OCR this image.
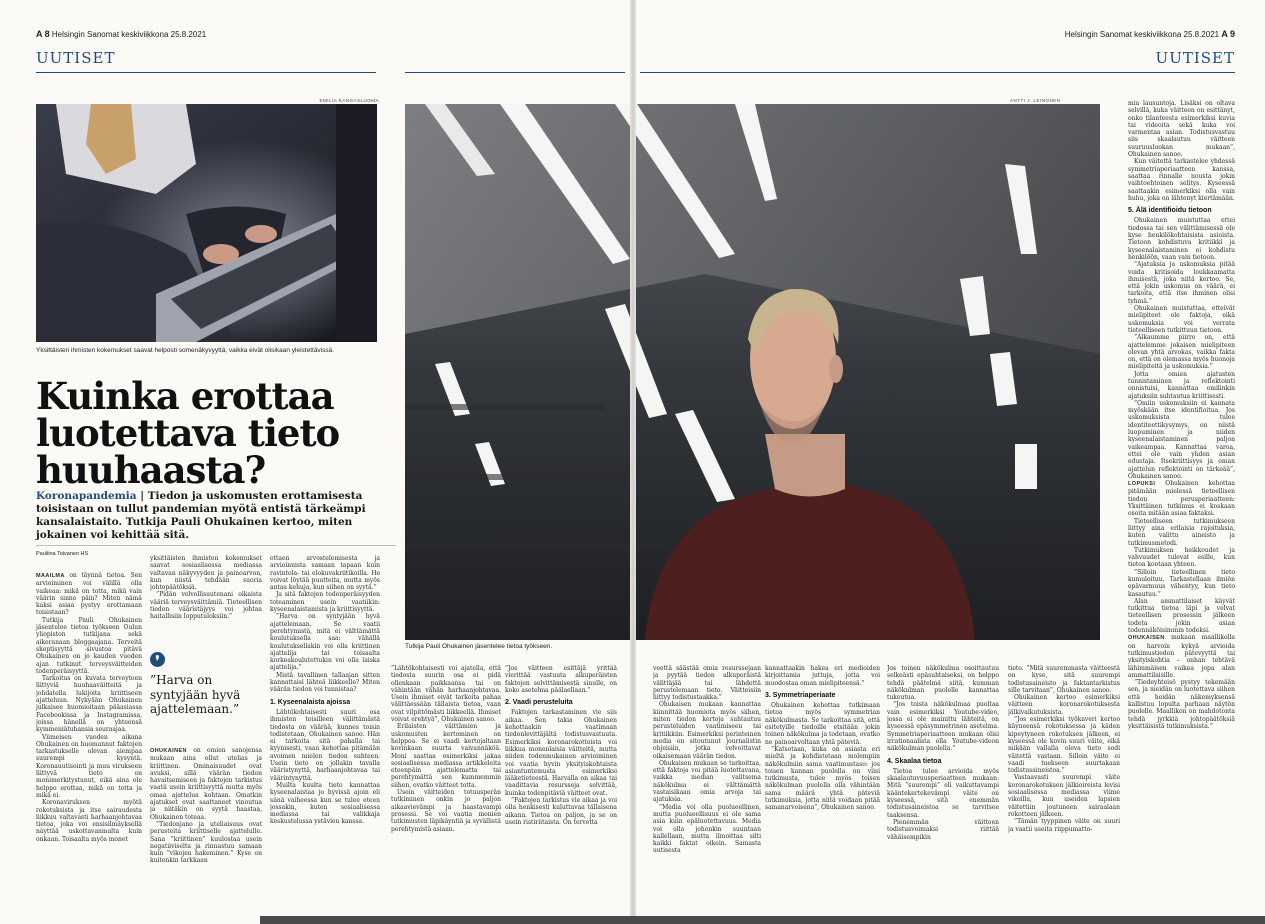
A 8 Helsingin Sanomat keskiviikkona 25.8.2021	Helsingin Sanomat keskiviikkona 25.8.2021 A 9
UUTISET	UUTISET
EMILIA KANGASLUOMA
Yksittäisten ihmisten kokemukset saavat helposti somenäkyvyyttä, vaikka eivät olisikaan yleistettävissä.
Kuinka erottaa luotettava tieto huuhaasta?

Koronapandemia | Tiedon ja uskomusten erottamisesta toisistaan on tullut pandemian myötä entistä tärkeämpi kansalaistaito. Tutkija Pauli Ohukainen kertoo, miten jokainen voi kehittää sitä.

Pauliina Toivanen HS
❜
”Harva on syntyjään hyvä ajattelemaan.”
ANTTI J. LEINONEN
Tutkija Pauli Ohukainen jäsentelee tietoa työkseen.

MAAILMA on täynnä tietoa. Sen arvioiminen voi välillä olla vaikeaa: mikä on totta, mikä vain väärin sinne päin? Miten nämä kaksi asiaa pystyy erottamaan toisistaan?

Tutkija Pauli Ohukainen jäsentelee tietoa työkseen Oulun yliopiston tutkijana sekä aikeranaan bloggaajana. Terveitä skeptisyyttä -sivustoa pitävä Ohukainen on jo kauden vuoden ajan tutkinut terveysväitteiden todenperäisyyttä.

Tarkoitus on kuvata terveyteen liittyviä huuhaaväitteitä ja johdatella lukijoita kriittiseen ajatteluun. Nykyään Ohukainen julkaisee huomioitaan pääasiassa Facebookissa ja Instagramissa, joissa hänellä on yhteensä kymmeniätuhansia seuraajaa.

Viimeisen vuoden aikana Ohukainen on huomannut faktojen tarkastukselle olevan aiempaa suurempi kysyntä. Koronauutisointi ja muu virukseen liittyvä tieto on monimerkitystunut, eikä aina ole helppo erottaa, mikä on totta ja mikä ei.

Koronaviruksen myötä rokotuksista ja itse sairaudesta liikkuu valtavasti harhaanjohtavaa tietoa, joka voi ensisilmäyksellä näyttää uskottavanmalta kuin onkaan. Toisaalta myös monet

yksittäisten ihmisten kokemukset saavat sosiaalisessa mediassa valtavan näkyvyyden ja painoarvon, kun niistä tehdään suoria johtopäätöksiä.

”Pidän velvollisuutenani oikaista vääriä terveysväittämiä. Tieteellisen tiedon vääristäjyys voi johtaa haitallisiin lopputuloksiin.”

OHUKAINEN on omien sanojensa mukaan aina ollut utelias ja kriittinen. Ominaisuudet ovat avuksi, sillä väärän tiedon havaitsemiseen ja faktojen tarkistus vaatii usein kriittisyyttä mutta myös omaa ajattelua kohtaan. Omatkin ajatukset ovat saattaneet vinoutua ja niitäkin on syytä haastaa, Ohukainen toteaa.

”Tiedonjano ja uteliaisuus ovat perusteita kriittiselle ajattelulle. Sana ”kriittinen” kuulostaa usein negatiiviselta ja rinnastuu samaan kuin ”vikojen hakeminen.” Kyse on kuitenkin tarkkaan

ottaen arvostelemisesta ja arvioinnista samaan tapaan kuin ravintola- tai elokuvakriitikoilla. He voivat löytää puutteita, mutta myös antaa kehuja, kun siihen on syytä.”

Ja sitä faktojen todenperäisyyden toteaminen usein vaatiikin: kyseenalaistamista ja kriittisyyttä.

”Harva on syntyjään hyvä ajattelemaan. Se vaatii perehtymistä, mitä ei välttämättä koulutuksella saa: vähällä koulutuksellakin voi olla kriittinen ajattelija tai toisaalta korkeakoulutettukin voi olla laiska ajattelija.”

Mistä tavallinen tallaajan sitten kannattaisi lähteä liikkeelle? Miten väärän tiedon voi tunnistaa?

1. Kyseenalaista ajoissa

Lähtökohtaisesti suuri osa ihmisten toisilleen välittämästä tiedosta on väärää, kunnes toisin todistetaan, Ohukainen sanoo. Hän ei tarkoita sitä pahalla tai kyynisesti, vaan kehottaa pitämään avoimen mielen tiedon suhteen. Usein tieto on jollakin tavalla vääristynyttä, harhaanjohtavaa tai väärintynyttä.

Muilta kuulta tieto kannattaa kyseenalaistaa jo hyvissä ajoin eli siinä vaiheessa kun se tulee eteen jossakin, kuten sosiaalisessa mediassa tai valikkaja keskustelussa ystävien kanssa.

”Lähtökohtaisesti voi ajatella, että tiedosta suurin osa ei pidä ollenkaan paikkaansa tai on vähintään vähän harhaanjohtavaa. Usein ihmiset eivät tarkoita pahaa välittäessään tällaista tietoa, vaan ovat vilpittömästi liikkeellä. Ihmiset voivat erehtyä”, Ohukainen sanoo.

Erilaisten väittämien ja uskomusten kertominen on helppoa. Se ei vaadi kertojaltaan kovinkaan suurta vaivannäköä. Moni saattaa esimerkiksi jakaa sosiaalisessa mediassa artikkeleita eteenpäin ajattelematta tai perehtymättä sen kummemmin siihen, ovatko väitteet totta.

Usein väitteiden totuusperän tutkiminen onkin jo paljon aikaavievämpi ja haastavampi prosessi. Se voi vaatia monien tutkimusten läpikäyntiä ja syvällistä perehtymistä asiaan.

”Jos väitteen esittäjä yrittää vierittää vastuuta alkuperäisten faktojen selvittämisestä sinulle, on koko asetelma päälaellaan.”

2. Vaadi perusteluita

Faktojen tarkastaminen vie siis aikaa. Sen takia Ohukainen kehottaakin vaatimaan tiedonlevittäjältä todistusvastuuta. Esimerkiksi koronarokotteista voi liikkua monenlaisia väitteitä, mutta niiden todenmukainen arvioiminen voi vaatia hyvin yksityiskohtaista asiantuntemusta esimerkiksi lääketieteestä. Harvalla on aikaa tai vaadittavia resursseja selvittää, kuinka todenpitäviä väitteet ovat.

”Faktojen tarkistus vie aikaa ja voi olla henkisesti kuluttavaa tällaisena aikana. Tietoa on paljon, ja se on usein ristiriitaista. On tervetta

veettä säästää omia resurssejaan ja pyytää tiedon alkuperäistä välittäjää tai lähdettä perustelemaan tieto. Väitteisiin liittyy todistustaakka.”

Ohukaisen mukaan kannattaa kiinnittää huomiota myös siihen, miten tiedon kertoja suhtautuu perusteluiden vaatimiseen tai kritiikkiin. Esimerkiksi perinteinen media on sitoutunut journalistin ohjeisiin, jotka velvoittavat oikaisemaan väärän tiedon.

Ohukaisen mukaan se tarkoittaa, että faktoja voi pitää luotettavana, vaikka median valitsema näkökulma ei välttämättä vastaisikaan omia arvoja tai ajatuksia.

”Media voi olla puolueellinen, mutta puolueellisuus ei ole sama asia kuin epäluotettavuus. Media voi olla johonkin suuntaan kallellaan, mutta ilmoittaa silti kaikki faktat oikein. Samasta uutisesta

kannattaakin hakea eri medioiden kirjoittamia juttuja, jotta voi muodostaa oman mielipiteensä.”

3. Symmetriaperiaate

Ohukainen kehottaa tutkimaan tietoa myös symmetrian näkökulmasta. Se tarkoittaa sitä, että esitetyille tiedoille etsitään jokin toinen näkökulma ja todetaan, ovatko ne painoarvoltaan yhtä päteviä.

”Katsotaan, kuka on asiasta eri mieltä ja kohdistetaan molempiin näkökulmiin sama vaatimustaso: jos toisen kannan puolella on viisi tutkimusta, tulee myös toisen näkökulman puolella olla vähintään sama määrä yhtä päteviä tutkimuksia, jotta niitä voidaan pitää samanarvoisena”, Ohukainen sanoo.

Jos toinen näkökulma osoittautuu selkeästi epäsuhtaiseksi, on helppo tehdä päätelmä siitä, kumman näkökulman puolelle kannattaa tukeutua.

”Jos toista näkökulmaa puoltaa vain esimerkiksi Youtube-video, jossa ei ole mainittu lähteitä, on kyseessä epäsymmetrinen asetelma. Symmetriaperiaatteen mukaan olisi irrationaalista olla Youtube-videon näkökulman puolella.”

4. Skaalaa tietoa

Tietoa tulee arvioida myös skaalautuvuusperiaatteen mukaan: Mitä ”suurempi” eli vaikuttavampi kääntekertekevämpi väite on kyseessä, sitä enemmän todistusaineistoa se tarvitsee taaksensa.

Pienemmän väitteen todistusvoimaksi riittää vähäisempikin

tieto. ”Mitä suuremmasta väitteestä on kyse, sitä suurempi todistusaineisto ja faktantarkistus sille tarvitaan”, Ohukainen sanoo.

Ohukainen kertoo esimerkiksi väitteen koronarokotuksesta jälkivaikutuksista.

”Jos esimerkiksi työkaveri kertoo käyneensä rokotuksessa ja käden kipeytyneen rokotuksen jälkeen, ei kyseessä ole kovin suuri väite, eikä mikään vallalla oleva tieto sodi väitettä vastaan. Silloin väite ei vaadi tuekseen suurtakaan todistusaineistoa.”

Vastaavasti suurempi väite koronarokotuksen jälkioireista levisi sosiaalisessa mediassa viime vikoilla, kun useiden lapsien väitettiin joutuneen sairaalaan rokotteen jälkeen.

”Tämän tyyppinen väite on suuri ja vaatii useita riippumatto-

mia lausuntoja. Lisäksi on oltava selvillä, kuka väitteen on esittänyt, onko tilanteesta esimerkiksi kuvia tai videoita sekä kuka voi varmentaa asian. Todistusvastuu siis skaalautuu väitteen suuruusluokan mukaan”, Ohukainen sanoo.

Kun väitettä tarkastelee yhdessä symmetriaperiaatteen kanssa, saattaa rinnalle nousta jokin vaihtoehtoinen selitys. Kyseessä saattaakin esimerkiksi olla vain huhu, joka on lähtenyt kiertämään.

5. Älä identifioidu tietoon

Ohukainen muistuttaa ettei tiedossa tai sen välittämisessä ole kyse henkilökohtaisista asioista. Tietoon kohdistuva kritiikki ja kyseenalaistaminen ei kohdistu henkilöön, vaan vain tietoon.

”Ajatuksia ja uskomuksia pitää voida kritisoida loukkaamatta ihmisestä, joka niitä kertoo. Se, että jokin uskomus on väärä, ei tarkoita, että itse ihminen olisi tyhmä.”

Ohukainen muistuttaa, etteivät mielipiteet ole faktoja, eikä uskomuksia voi verrata tieteelliseen tutkittuun tietoon.

”Alkaumme piirre on, että ajattelemme jokaisen mielipiteen olevan yhtä arvokas, vaikka fakta on, että on olemassa myös huonoja mielipiteitä ja uskomuksia.”

Jotta omien ajatusten tunnistaminen ja reflektointi onnistuisi, kannattaa omilinkin ajatuksiin suhtautua kriittisesti.

”Omiin uskomuksiin ei kannata myöskään itse identifioitua. Jos uskomuksista tulee identiteettikysymys, on niistä luopuminen ja niiden kyseenalaistaminen paljon vaikeampaa. Kannattaa varoa, ettei ole vain yhden asian edustaja. Itsekriittisyys ja oman ajattelun reflektointi on tärkeää”, Ohukainen sanoo.

LOPUKSI Ohukainen kehottaa pitämään mielessä tieteellisen tiedon perusperiaatteen: Yksittäinen tutkimus ei koskaan osoita mitään asiaa faktaksi.

Tieteelliseen tutkimukseen liittyy aina erilaisia rajoituksia, kuten valittu aineisto ja tutkimusmetodi.

Tutkimuksen heikkoudet ja vahvuudet tulevat esille, kun tietoa kootaan yhteen.

”Silloin tieteellinen tieto kumuloituu. Tarkastellaan ilmiön epävarmuus vähentyy, kun tieto kasautuu.”

Alan ammattilaiset käyvät tutkittua tietoa läpi ja velvat tieteellisen prosessin jälkeen todeta jokin asian todennäköisimmin todeksi.

OHUKAISEN mukaan maallikolla on harvoin kykyä arvioida tutkimustiedon pätevyyttä tai yksityiskohtia – onhan tehtävä lähimmäisen vaikea jopa alan ammattilaisille.

”Tiedeyhteisö pystyy tekemään sen, ja meidän on luotettava siihen että heidän näkemyksensä kallistuu lopulta parhaan näytön puolelle. Maallikon on mahdotonta tehdä jyrkkiä johtopäätöksiä yksittäisistä tutkimuksista.”
